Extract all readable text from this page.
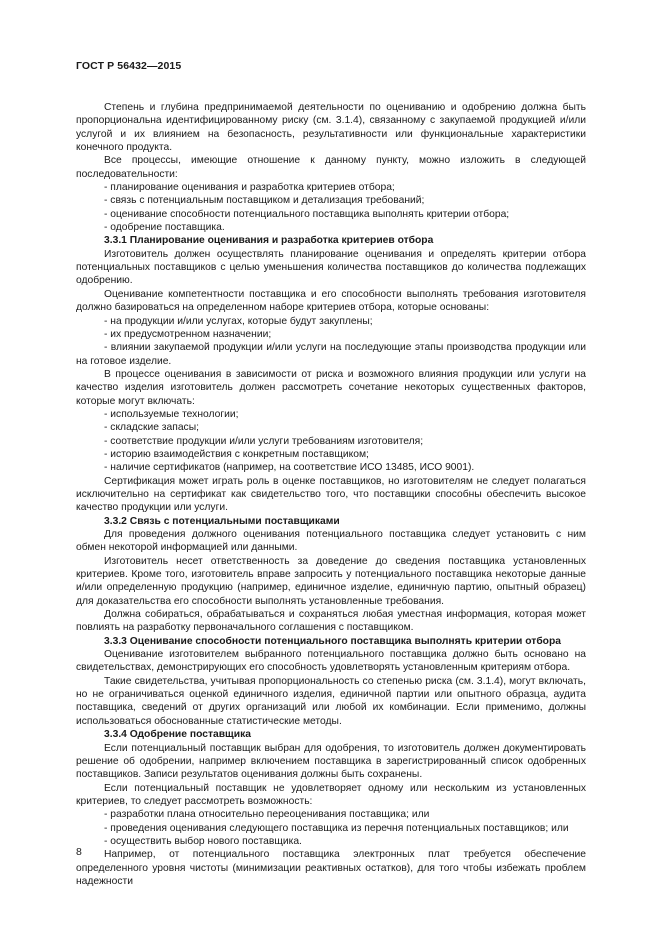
ГОСТ Р 56432—2015

Степень и глубина предпринимаемой деятельности по оцениванию и одобрению должна быть пропорциональна идентифицированному риску (см. 3.1.4), связанному с закупаемой продукцией и/или услугой и их влиянием на безопасность, результативности или функциональные характеристики конечного продукта.

Все процессы, имеющие отношение к данному пункту, можно изложить в следующей последовательности:

- планирование оценивания и разработка критериев отбора;

- связь с потенциальным поставщиком и детализация требований;

- оценивание способности потенциального поставщика выполнять критерии отбора;

- одобрение поставщика.

3.3.1 Планирование оценивания и разработка критериев отбора

Изготовитель должен осуществлять планирование оценивания и определять критерии отбора потенциальных поставщиков с целью уменьшения количества поставщиков до количества подлежащих одобрению.

Оценивание компетентности поставщика и его способности выполнять требования изготовителя должно базироваться на определенном наборе критериев отбора, которые основаны:

- на продукции и/или услугах, которые будут закуплены;

- их предусмотренном назначении;

- влиянии закупаемой продукции и/или услуги на последующие этапы производства продукции или на готовое изделие.

В процессе оценивания в зависимости от риска и возможного влияния продукции или услуги на качество изделия изготовитель должен рассмотреть сочетание некоторых существенных факторов, которые могут включать:

- используемые технологии;

- складские запасы;

- соответствие продукции и/или услуги требованиям изготовителя;

- историю взаимодействия с конкретным поставщиком;

- наличие сертификатов (например, на соответствие ИСО 13485, ИСО 9001).

Сертификация может играть роль в оценке поставщиков, но изготовителям не следует полагаться исключительно на сертификат как свидетельство того, что поставщики способны обеспечить высокое качество продукции или услуги.

3.3.2 Связь с потенциальными поставщиками

Для проведения должного оценивания потенциального поставщика следует установить с ним обмен некоторой информацией или данными.

Изготовитель несет ответственность за доведение до сведения поставщика установленных критериев. Кроме того, изготовитель вправе запросить у потенциального поставщика некоторые данные и/или определенную продукцию (например, единичное изделие, единичную партию, опытный образец) для доказательства его способности выполнять установленные требования.

Должна собираться, обрабатываться и сохраняться любая уместная информация, которая может повлиять на разработку первоначального соглашения с поставщиком.

3.3.3 Оценивание способности потенциального поставщика выполнять критерии отбора

Оценивание изготовителем выбранного потенциального поставщика должно быть основано на свидетельствах, демонстрирующих его способность удовлетворять установленным критериям отбора.

Такие свидетельства, учитывая пропорциональность со степенью риска (см. 3.1.4), могут включать, но не ограничиваться оценкой единичного изделия, единичной партии или опытного образца, аудита поставщика, сведений от других организаций или любой их комбинации. Если применимо, должны использоваться обоснованные статистические методы.

3.3.4 Одобрение поставщика

Если потенциальный поставщик выбран для одобрения, то изготовитель должен документировать решение об одобрении, например включением поставщика в зарегистрированный список одобренных поставщиков. Записи результатов оценивания должны быть сохранены.

Если потенциальный поставщик не удовлетворяет одному или нескольким из установленных критериев, то следует рассмотреть возможность:

- разработки плана относительно переоценивания поставщика; или

- проведения оценивания следующего поставщика из перечня потенциальных поставщиков; или

- осуществить выбор нового поставщика.

Например, от потенциального поставщика электронных плат требуется обеспечение определенного уровня чистоты (минимизации реактивных остатков), для того чтобы избежать проблем надежности

8
